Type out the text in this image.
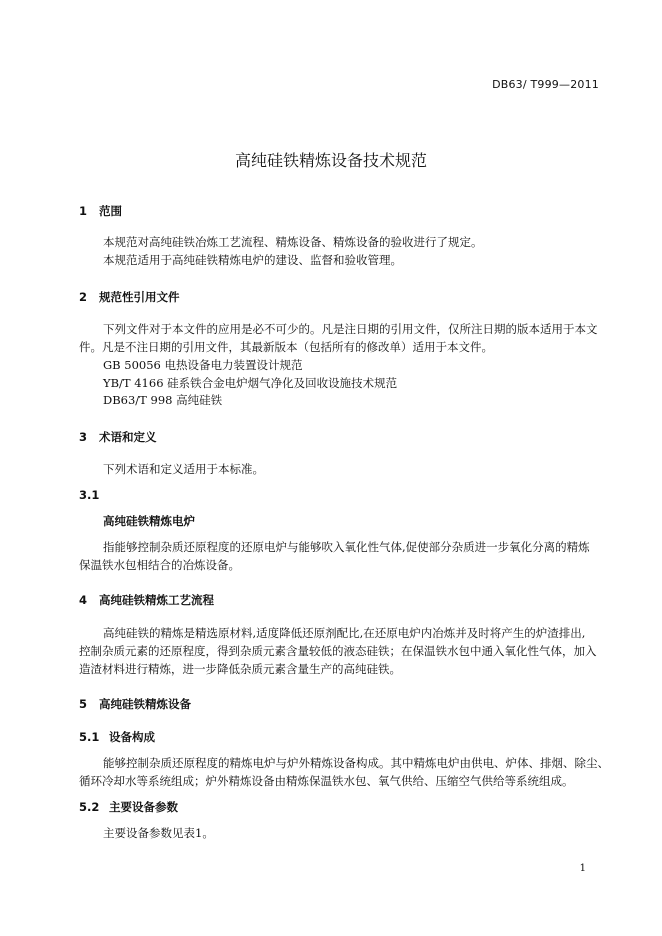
DB63/ T999—2011
高纯硅铁精炼设备技术规范
1 范围
本规范对高纯硅铁冶炼工艺流程、精炼设备、精炼设备的验收进行了规定。
本规范适用于高纯硅铁精炼电炉的建设、监督和验收管理。
2 规范性引用文件
下列文件对于本文件的应用是必不可少的。凡是注日期的引用文件，仅所注日期的版本适用于本文
件。凡是不注日期的引用文件，其最新版本（包括所有的修改单）适用于本文件。
GB 50056 电热设备电力装置设计规范
YB/T 4166 硅系铁合金电炉烟气净化及回收设施技术规范
DB63/T 998 高纯硅铁
3 术语和定义
下列术语和定义适用于本标准。
3.1
高纯硅铁精炼电炉
指能够控制杂质还原程度的还原电炉与能够吹入氧化性气体,促使部分杂质进一步氧化分离的精炼
保温铁水包相结合的冶炼设备。
4 高纯硅铁精炼工艺流程
高纯硅铁的精炼是精选原材料,适度降低还原剂配比,在还原电炉内冶炼并及时将产生的炉渣排出,
控制杂质元素的还原程度，得到杂质元素含量较低的液态硅铁；在保温铁水包中通入氧化性气体，加入
造渣材料进行精炼，进一步降低杂质元素含量生产的高纯硅铁。
5 高纯硅铁精炼设备
5.1 设备构成
能够控制杂质还原程度的精炼电炉与炉外精炼设备构成。其中精炼电炉由供电、炉体、排烟、除尘、
循环冷却水等系统组成；炉外精炼设备由精炼保温铁水包、氧气供给、压缩空气供给等系统组成。
5.2 主要设备参数
主要设备参数见表1。
1
